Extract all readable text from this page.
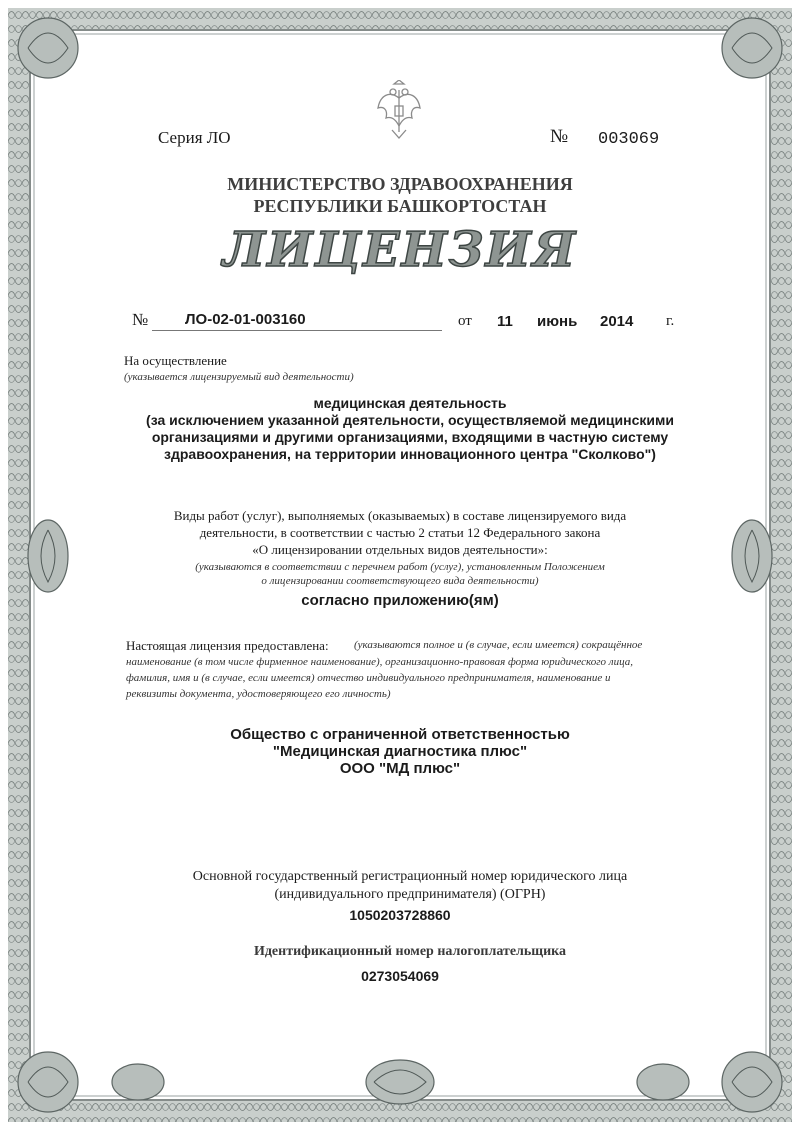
Серия ЛО	№ 003069
МИНИСТЕРСТВО ЗДРАВООХРАНЕНИЯ
РЕСПУБЛИКИ БАШКОРТОСТАН
ЛИЦЕНЗИЯ
№ ЛО-02-01-003160	от 11 июнь 2014 г.
На осуществление
(указывается лицензируемый вид деятельности)
медицинская деятельность
(за исключением указанной деятельности, осуществляемой медицинскими
организациями и другими организациями, входящими в частную систему
здравоохранения, на территории инновационного центра "Сколково")
Виды работ (услуг), выполняемых (оказываемых) в составе лицензируемого вида
деятельности, в соответствии с частью 2 статьи 12 Федерального закона
«О лицензировании отдельных видов деятельности»:
(указываются в соответствии с перечнем работ (услуг), установленным Положением
о лицензировании соответствующего вида деятельности)
согласно приложению(ям)
Настоящая лицензия предоставлена: (указываются полное и (в случае, если имеется) сокращённое
наименование (в том числе фирменное наименование), организационно-правовая форма юридического лица,
фамилия, имя и (в случае, если имеется) отчество индивидуального предпринимателя, наименование и
реквизиты документа, удостоверяющего его личность)
Общество с ограниченной ответственностью
"Медицинская диагностика плюс"
ООО "МД плюс"
Основной государственный регистрационный номер юридического лица
(индивидуального предпринимателя) (ОГРН)
1050203728860
Идентификационный номер налогоплательщика
0273054069
